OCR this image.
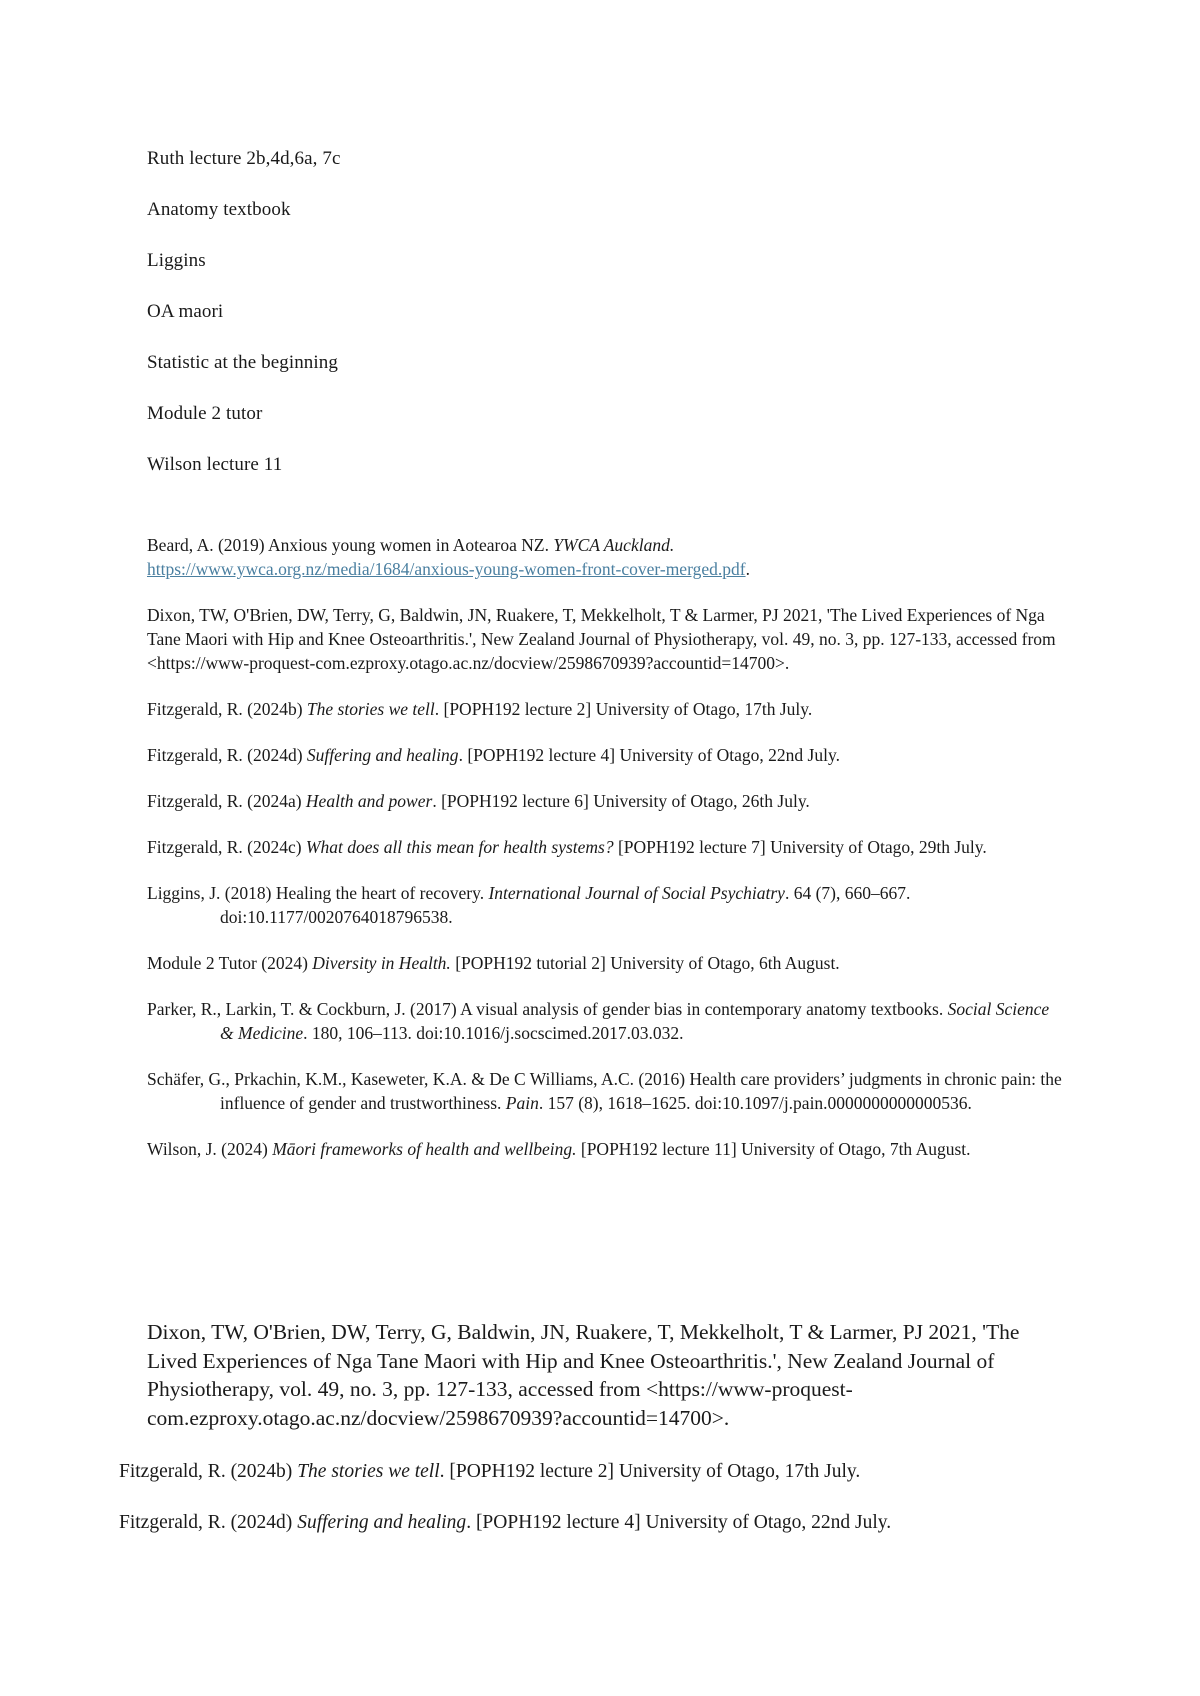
Ruth lecture 2b,4d,6a, 7c
Anatomy textbook
Liggins
OA maori
Statistic at the beginning
Module 2 tutor
Wilson lecture 11
Beard, A. (2019) Anxious young women in Aotearoa NZ. YWCA Auckland.
https://www.ywca.org.nz/media/1684/anxious-young-women-front-cover-merged.pdf.
Dixon, TW, O'Brien, DW, Terry, G, Baldwin, JN, Ruakere, T, Mekkelholt, T & Larmer, PJ 2021, 'The Lived Experiences of Nga Tane Maori with Hip and Knee Osteoarthritis.', New Zealand Journal of Physiotherapy, vol. 49, no. 3, pp. 127-133, accessed from <https://www-proquest-com.ezproxy.otago.ac.nz/docview/2598670939?accountid=14700>.
Fitzgerald, R. (2024b) The stories we tell. [POPH192 lecture 2] University of Otago, 17th July.
Fitzgerald, R. (2024d) Suffering and healing. [POPH192 lecture 4] University of Otago, 22nd July.
Fitzgerald, R. (2024a) Health and power. [POPH192 lecture 6] University of Otago, 26th July.
Fitzgerald, R. (2024c) What does all this mean for health systems? [POPH192 lecture 7] University of Otago, 29th July.
Liggins, J. (2018) Healing the heart of recovery. International Journal of Social Psychiatry. 64 (7), 660–667. doi:10.1177/0020764018796538.
Module 2 Tutor (2024) Diversity in Health. [POPH192 tutorial 2] University of Otago, 6th August.
Parker, R., Larkin, T. & Cockburn, J. (2017) A visual analysis of gender bias in contemporary anatomy textbooks. Social Science & Medicine. 180, 106–113. doi:10.1016/j.socscimed.2017.03.032.
Schäfer, G., Prkachin, K.M., Kaseweter, K.A. & De C Williams, A.C. (2016) Health care providers’ judgments in chronic pain: the influence of gender and trustworthiness. Pain. 157 (8), 1618–1625. doi:10.1097/j.pain.0000000000000536.
Wilson, J. (2024) Māori frameworks of health and wellbeing. [POPH192 lecture 11] University of Otago, 7th August.
Dixon, TW, O'Brien, DW, Terry, G, Baldwin, JN, Ruakere, T, Mekkelholt, T & Larmer, PJ 2021, 'The Lived Experiences of Nga Tane Maori with Hip and Knee Osteoarthritis.', New Zealand Journal of Physiotherapy, vol. 49, no. 3, pp. 127-133, accessed from <https://www-proquest-com.ezproxy.otago.ac.nz/docview/2598670939?accountid=14700>.
Fitzgerald, R. (2024b) The stories we tell. [POPH192 lecture 2] University of Otago, 17th July.
Fitzgerald, R. (2024d) Suffering and healing. [POPH192 lecture 4] University of Otago, 22nd July.
